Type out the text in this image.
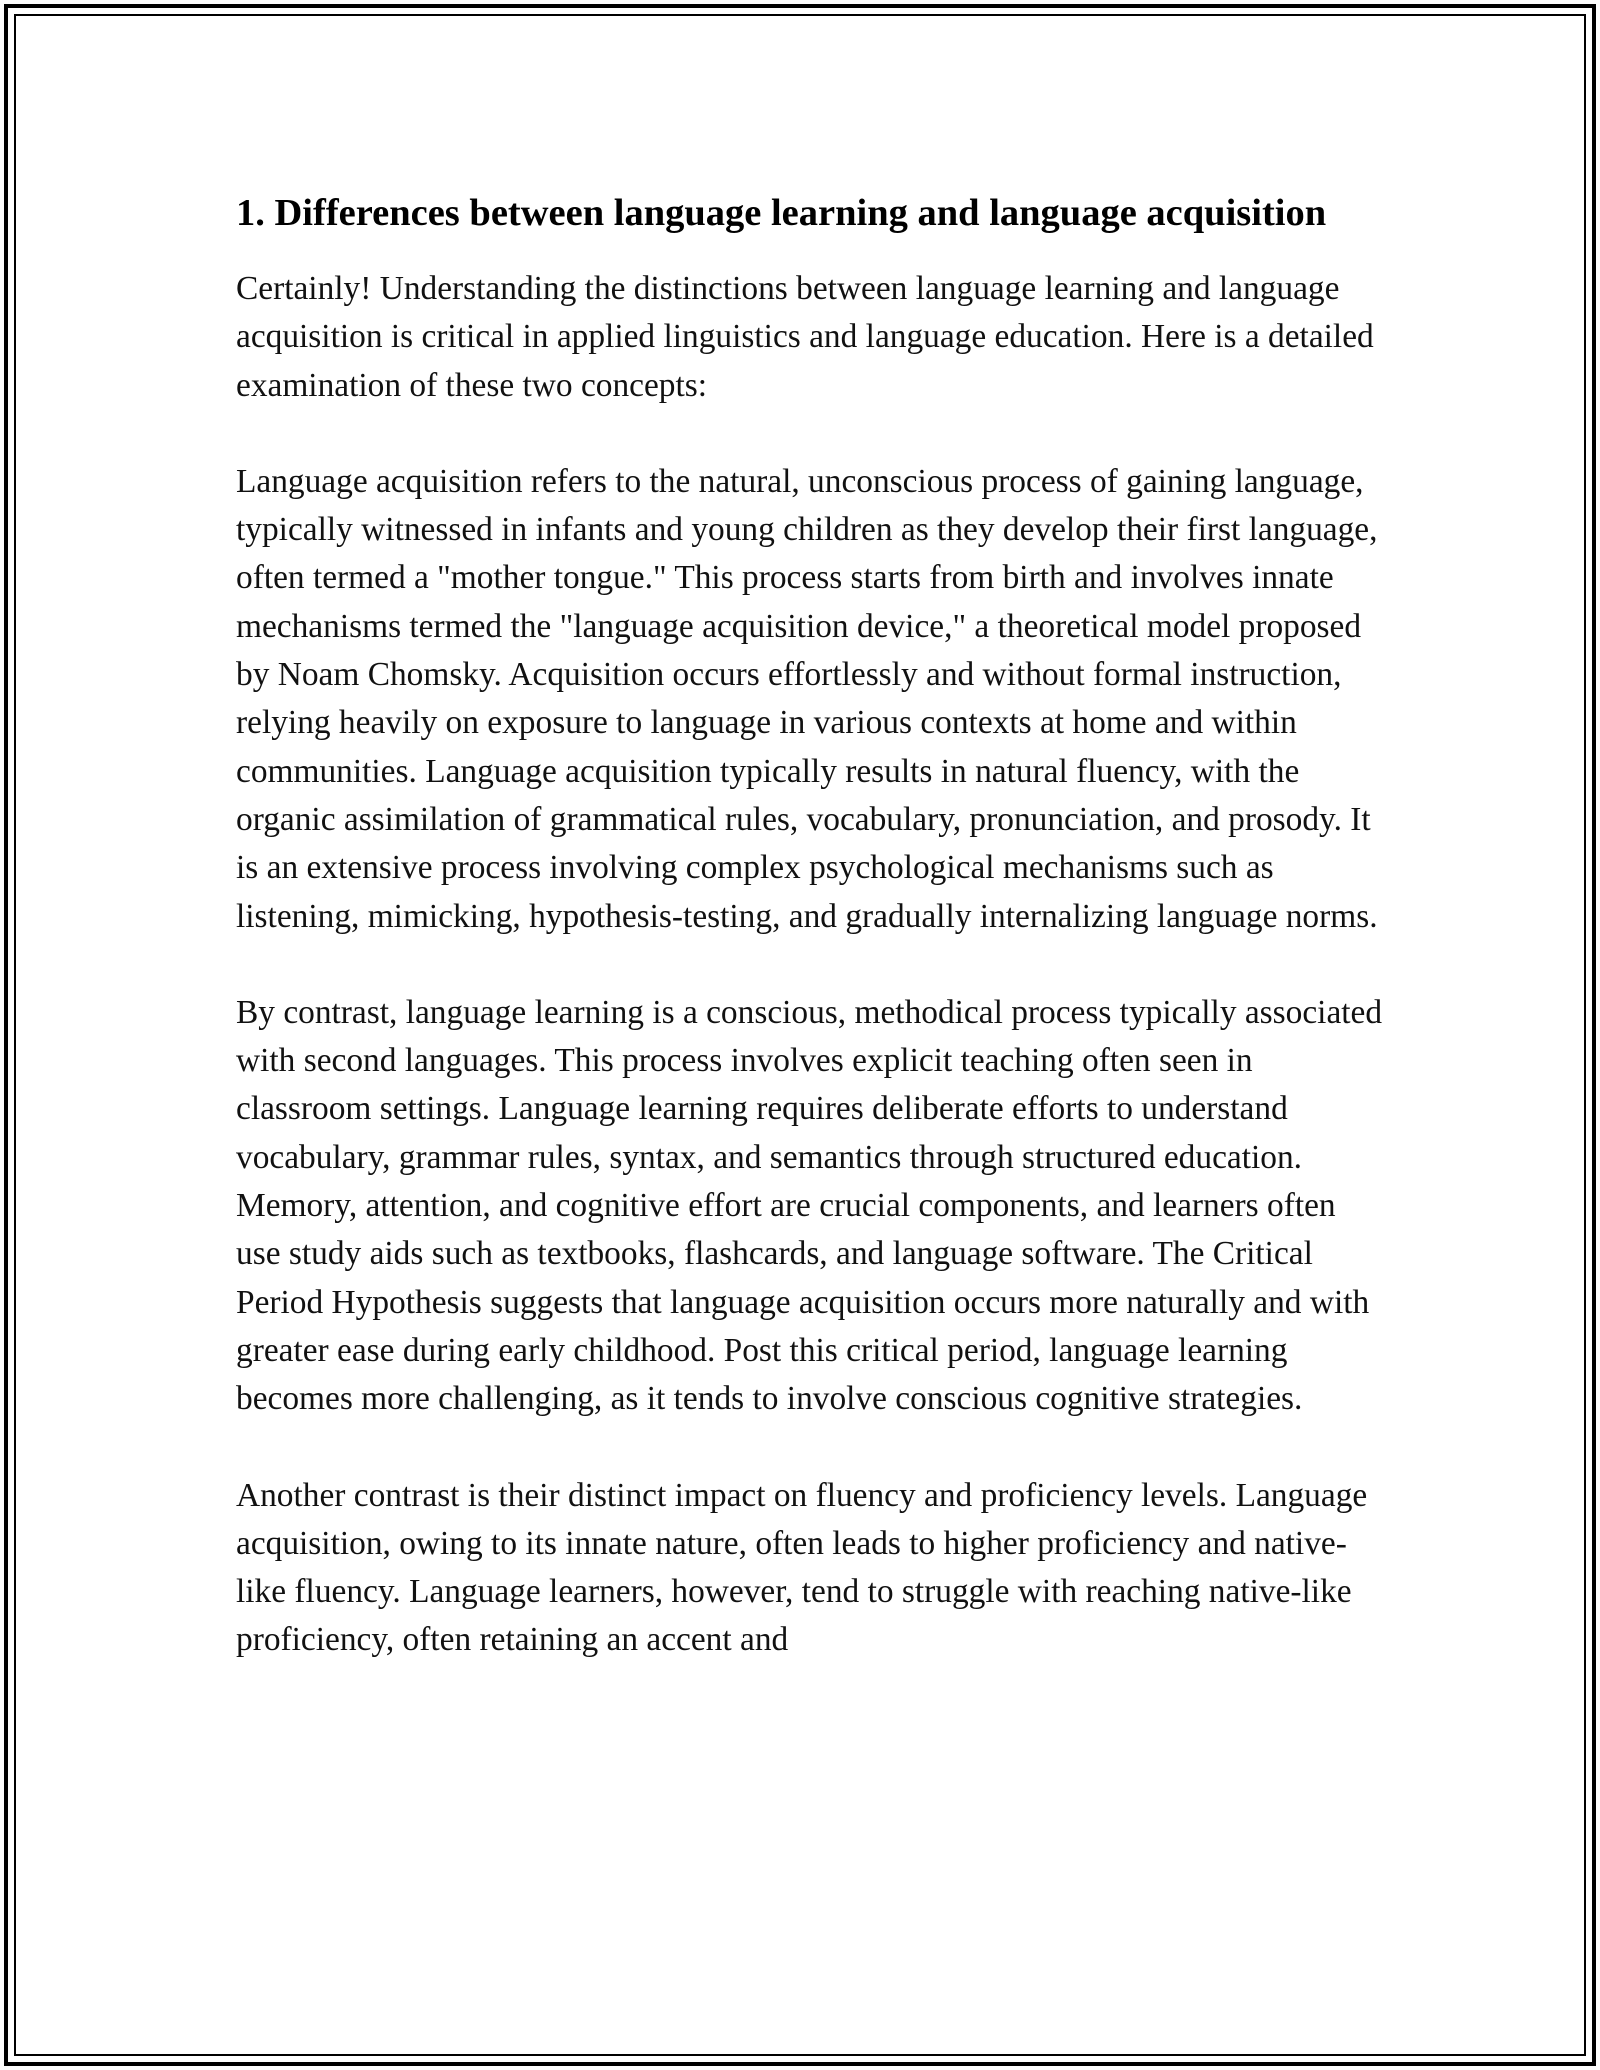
1. Differences between language learning and language acquisition

Certainly! Understanding the distinctions between language learning and language acquisition is critical in applied linguistics and language education. Here is a detailed examination of these two concepts:

Language acquisition refers to the natural, unconscious process of gaining language, typically witnessed in infants and young children as they develop their first language, often termed a "mother tongue." This process starts from birth and involves innate mechanisms termed the "language acquisition device," a theoretical model proposed by Noam Chomsky. Acquisition occurs effortlessly and without formal instruction, relying heavily on exposure to language in various contexts at home and within communities. Language acquisition typically results in natural fluency, with the organic assimilation of grammatical rules, vocabulary, pronunciation, and prosody. It is an extensive process involving complex psychological mechanisms such as listening, mimicking, hypothesis-testing, and gradually internalizing language norms.

By contrast, language learning is a conscious, methodical process typically associated with second languages. This process involves explicit teaching often seen in classroom settings. Language learning requires deliberate efforts to understand vocabulary, grammar rules, syntax, and semantics through structured education. Memory, attention, and cognitive effort are crucial components, and learners often use study aids such as textbooks, flashcards, and language software. The Critical Period Hypothesis suggests that language acquisition occurs more naturally and with greater ease during early childhood. Post this critical period, language learning becomes more challenging, as it tends to involve conscious cognitive strategies.

Another contrast is their distinct impact on fluency and proficiency levels. Language acquisition, owing to its innate nature, often leads to higher proficiency and native-like fluency. Language learners, however, tend to struggle with reaching native-like proficiency, often retaining an accent and
